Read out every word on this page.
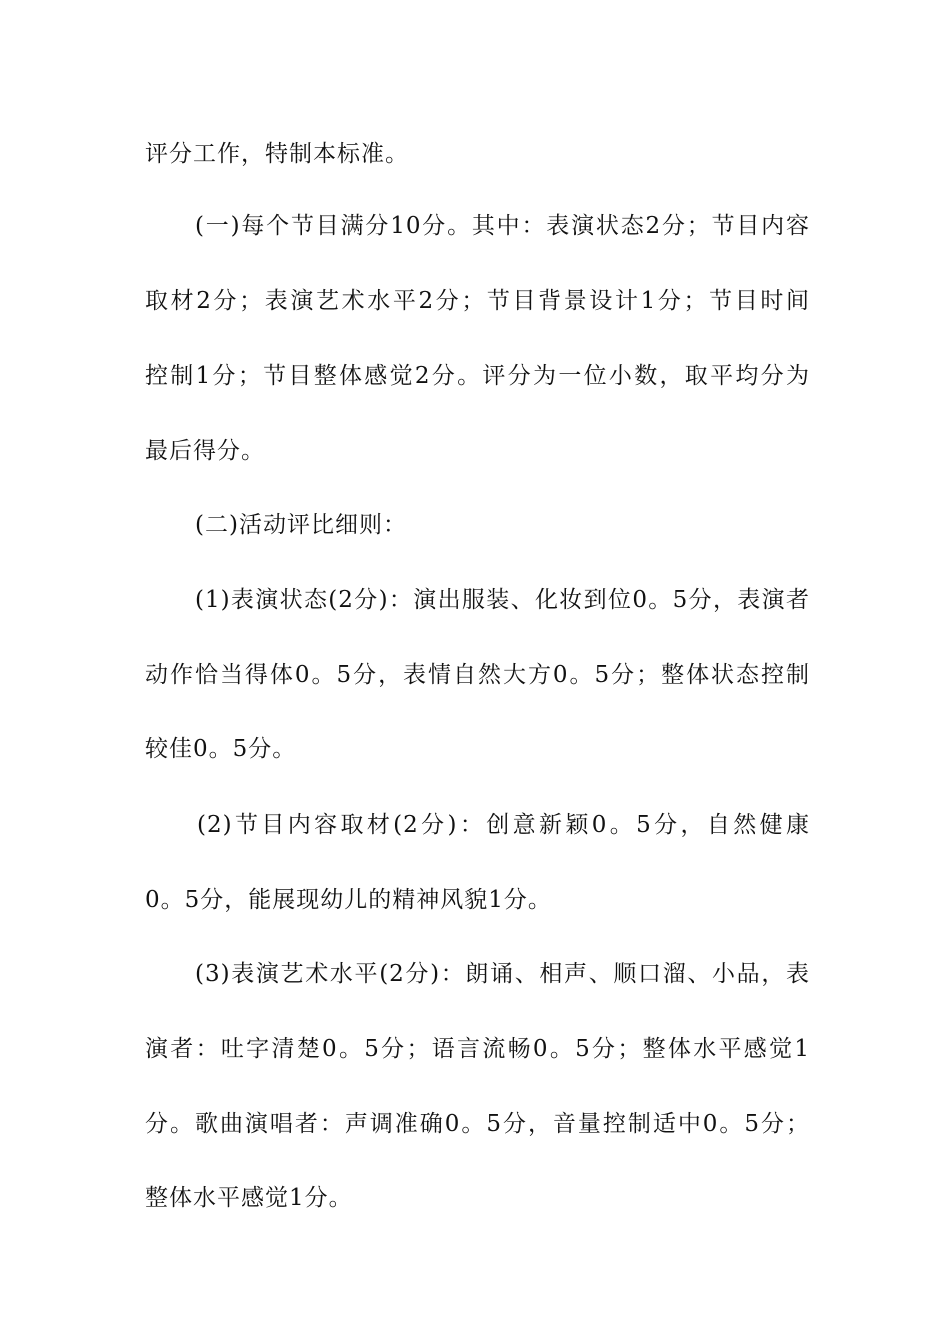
评分工作，特制本标准。
(一)每个节目满分10分。其中：表演状态2分；节目内容
取材2分；表演艺术水平2分；节目背景设计1分；节目时间
控制1分；节目整体感觉2分。评分为一位小数，取平均分为
最后得分。
(二)活动评比细则：
(1)表演状态(2分)：演出服装、化妆到位0。5分，表演者
动作恰当得体0。5分，表情自然大方0。5分；整体状态控制
较佳0。5分。
(2)节目内容取材(2分)：创意新颖0。5分，自然健康
0。5分，能展现幼儿的精神风貌1分。
(3)表演艺术水平(2分)：朗诵、相声、顺口溜、小品，表
演者：吐字清楚0。5分；语言流畅0。5分；整体水平感觉1
分。歌曲演唱者：声调准确0。5分，音量控制适中0。5分；
整体水平感觉1分。
